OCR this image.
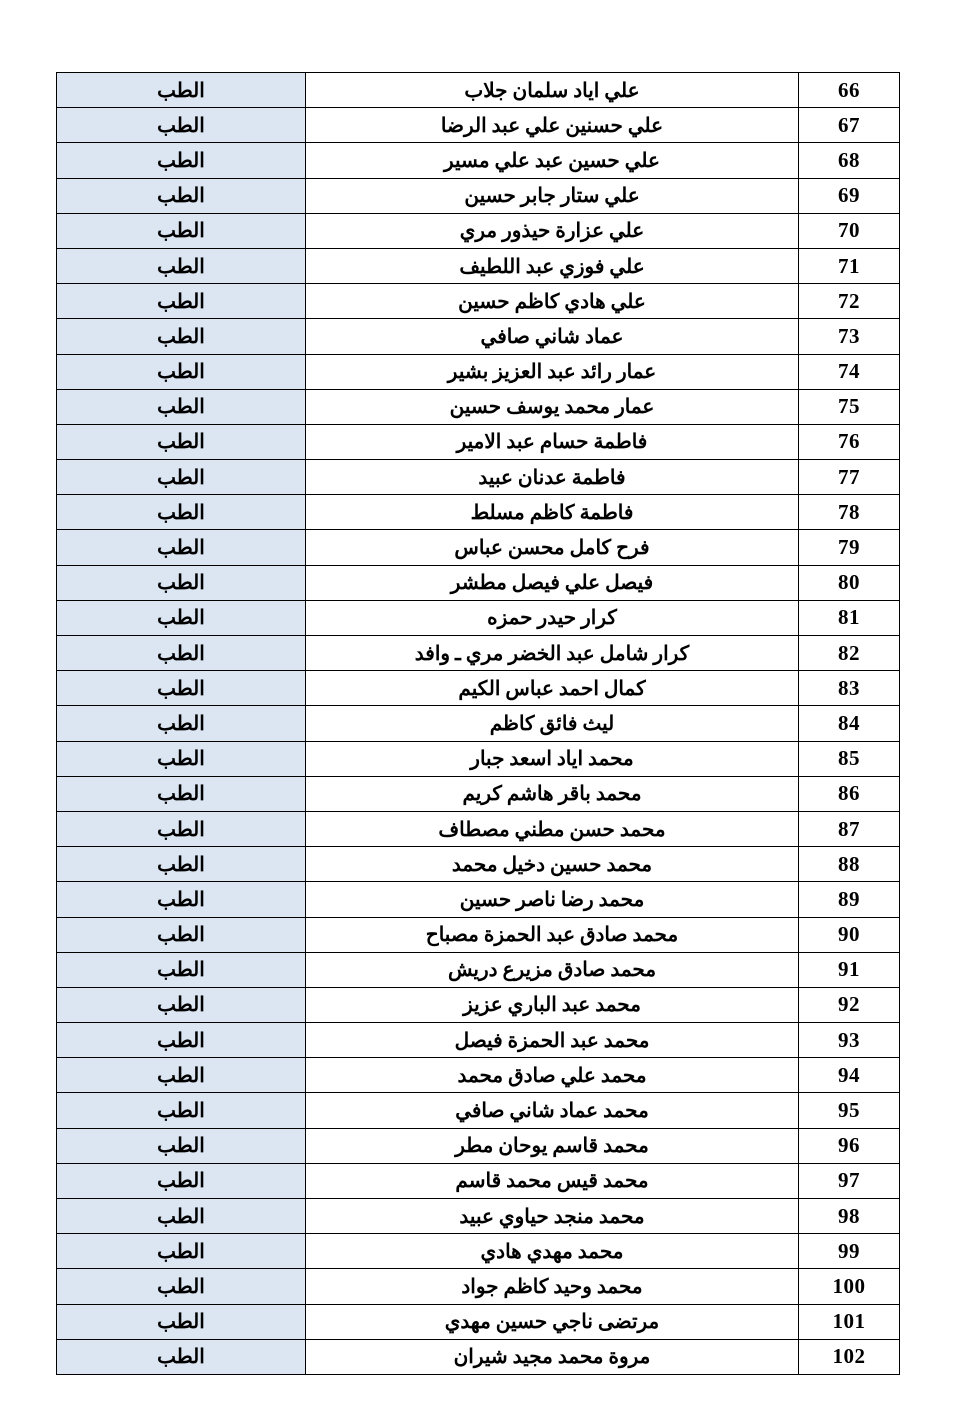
66	علي اياد سلمان جلاب	الطب
67	علي حسنين علي عبد الرضا	الطب
68	علي حسين عبد علي مسير	الطب
69	علي ستار جابر حسين	الطب
70	علي عزارة حيذور مري	الطب
71	علي فوزي عبد اللطيف	الطب
72	علي هادي كاظم حسين	الطب
73	عماد شاني صافي	الطب
74	عمار رائد عبد العزيز بشير	الطب
75	عمار محمد يوسف حسين	الطب
76	فاطمة حسام عبد الامير	الطب
77	فاطمة عدنان عبيد	الطب
78	فاطمة كاظم مسلط	الطب
79	فرح كامل محسن عباس	الطب
80	فيصل علي فيصل مطشر	الطب
81	كرار حيدر حمزه	الطب
82	كرار شامل عبد الخضر مري ـ وافد	الطب
83	كمال احمد عباس الكيم	الطب
84	ليث فائق كاظم	الطب
85	محمد اياد اسعد جبار	الطب
86	محمد باقر هاشم كريم	الطب
87	محمد حسن مطني مصطاف	الطب
88	محمد حسين دخيل محمد	الطب
89	محمد رضا ناصر حسين	الطب
90	محمد صادق عبد الحمزة مصباح	الطب
91	محمد صادق مزيرع دريش	الطب
92	محمد عبد الباري عزيز	الطب
93	محمد عبد الحمزة فيصل	الطب
94	محمد علي صادق محمد	الطب
95	محمد عماد شاني صافي	الطب
96	محمد قاسم يوحان مطر	الطب
97	محمد قيس محمد قاسم	الطب
98	محمد منجد حياوي عبيد	الطب
99	محمد مهدي هادي	الطب
100	محمد وحيد كاظم جواد	الطب
101	مرتضى ناجي حسين مهدي	الطب
102	مروة محمد مجيد شيران	الطب
